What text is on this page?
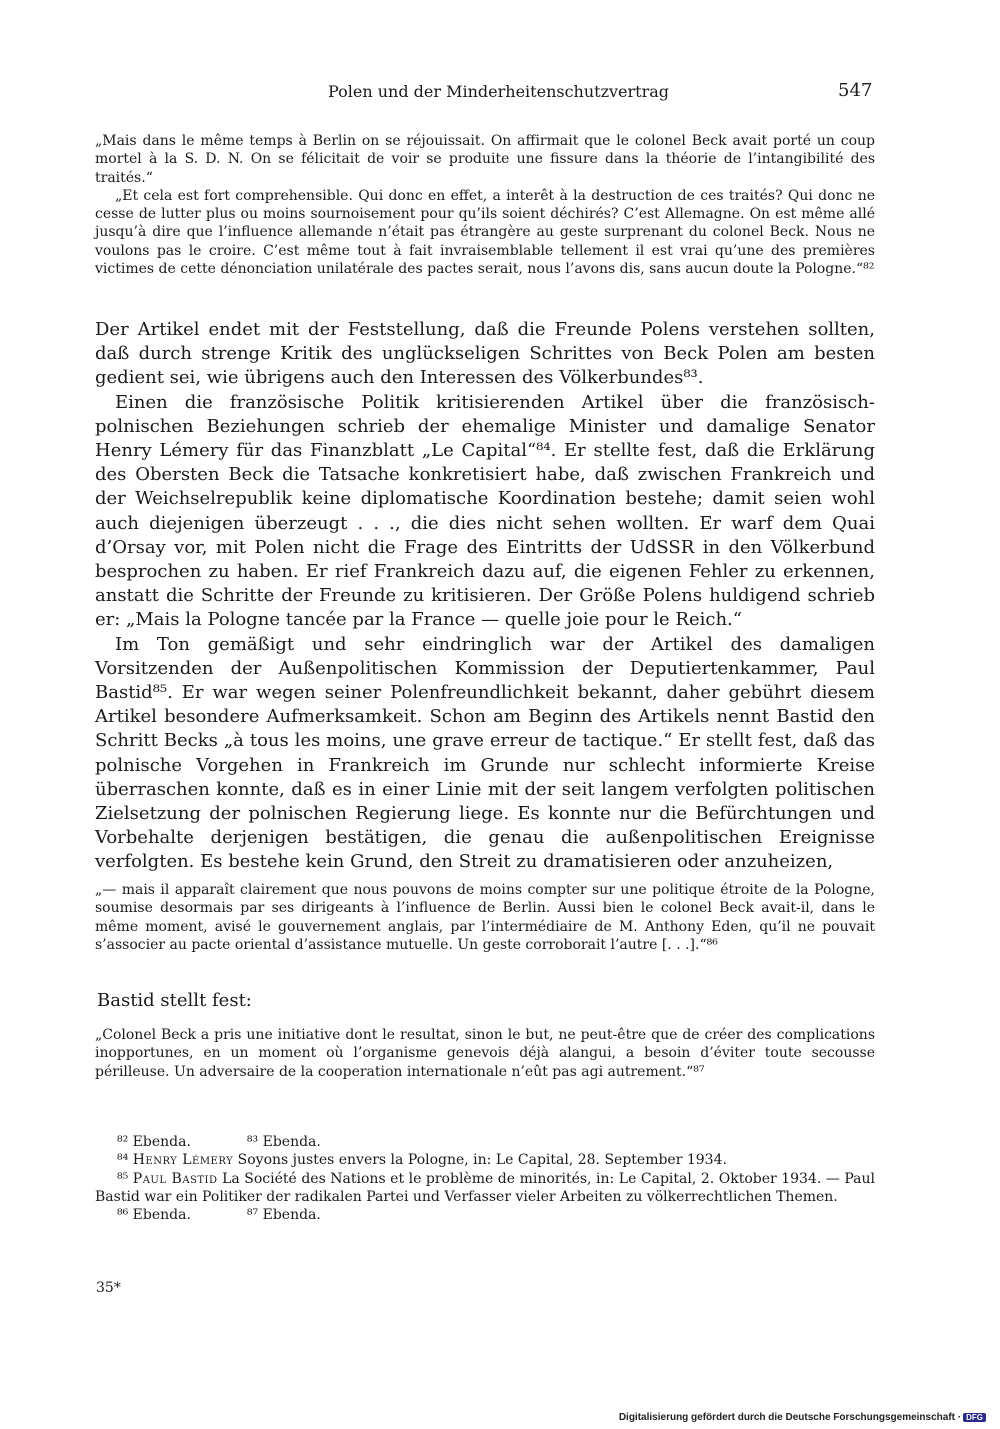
Polen und der Minderheitenschutzvertrag	547

„Mais dans le même temps à Berlin on se réjouissait. On affirmait que le colonel Beck avait porté un coup mortel à la S. D. N. On se félicitait de voir se produite une fissure dans la théorie de l’intangibilité des traités.“

„Et cela est fort comprehensible. Qui donc en effet, a interêt à la destruction de ces traités? Qui donc ne cesse de lutter plus ou moins sournoisement pour qu’ils soient déchirés? C’est Allemagne. On est même allé jusqu’à dire que l’influence allemande n’était pas étrangère au geste surprenant du colonel Beck. Nous ne voulons pas le croire. C’est même tout à fait invraisemblable tellement il est vrai qu’une des premières victimes de cette dénonciation unilatérale des pactes serait, nous l’avons dis, sans aucun doute la Pologne.“⁸²

Der Artikel endet mit der Feststellung, daß die Freunde Polens verstehen sollten, daß durch strenge Kritik des unglückseligen Schrittes von Beck Polen am besten gedient sei, wie übrigens auch den Interessen des Völkerbundes⁸³.

Einen die französische Politik kritisierenden Artikel über die französisch-polnischen Beziehungen schrieb der ehemalige Minister und damalige Senator Henry Lémery für das Finanzblatt „Le Capital“⁸⁴. Er stellte fest, daß die Erklärung des Obersten Beck die Tatsache konkretisiert habe, daß zwischen Frankreich und der Weichselrepublik keine diplomatische Koordination bestehe; damit seien wohl auch diejenigen überzeugt . . ., die dies nicht sehen wollten. Er warf dem Quai d’Orsay vor, mit Polen nicht die Frage des Eintritts der UdSSR in den Völkerbund besprochen zu haben. Er rief Frankreich dazu auf, die eigenen Fehler zu erkennen, anstatt die Schritte der Freunde zu kritisieren. Der Größe Polens huldigend schrieb er: „Mais la Pologne tancée par la France — quelle joie pour le Reich.“

Im Ton gemäßigt und sehr eindringlich war der Artikel des damaligen Vorsitzenden der Außenpolitischen Kommission der Deputiertenkammer, Paul Bastid⁸⁵. Er war wegen seiner Polenfreundlichkeit bekannt, daher gebührt diesem Artikel besondere Aufmerksamkeit. Schon am Beginn des Artikels nennt Bastid den Schritt Becks „à tous les moins, une grave erreur de tactique.“ Er stellt fest, daß das polnische Vorgehen in Frankreich im Grunde nur schlecht informierte Kreise überraschen konnte, daß es in einer Linie mit der seit langem verfolgten politischen Zielsetzung der polnischen Regierung liege. Es konnte nur die Befürchtungen und Vorbehalte derjenigen bestätigen, die genau die außenpolitischen Ereignisse verfolgten. Es bestehe kein Grund, den Streit zu dramatisieren oder anzuheizen,

„— mais il apparaît clairement que nous pouvons de moins compter sur une politique étroite de la Pologne, soumise desormais par ses dirigeants à l’influence de Berlin. Aussi bien le colonel Beck avait-il, dans le même moment, avisé le gouvernement anglais, par l’intermédiaire de M. Anthony Eden, qu’il ne pouvait s’associer au pacte oriental d’assistance mutuelle. Un geste corroborait l’autre [. . .].“⁸⁶

Bastid stellt fest:

„Colonel Beck a pris une initiative dont le resultat, sinon le but, ne peut-être que de créer des complications inopportunes, en un moment où l’organisme genevois déjà alangui, a besoin d’éviter toute secousse périlleuse. Un adversaire de la cooperation internationale n’eût pas agi autrement.“⁸⁷

⁸² Ebenda.	⁸³ Ebenda.

⁸⁴ Henry Lémery Soyons justes envers la Pologne, in: Le Capital, 28. September 1934.

⁸⁵ Paul Bastid La Société des Nations et le problème de minorités, in: Le Capital, 2. Oktober 1934. — Paul Bastid war ein Politiker der radikalen Partei und Verfasser vieler Arbeiten zu völkerrechtlichen Themen.

⁸⁶ Ebenda.	⁸⁷ Ebenda.

35*
Digitalisierung gefördert durch die Deutsche Forschungsgemeinschaft · DFG
